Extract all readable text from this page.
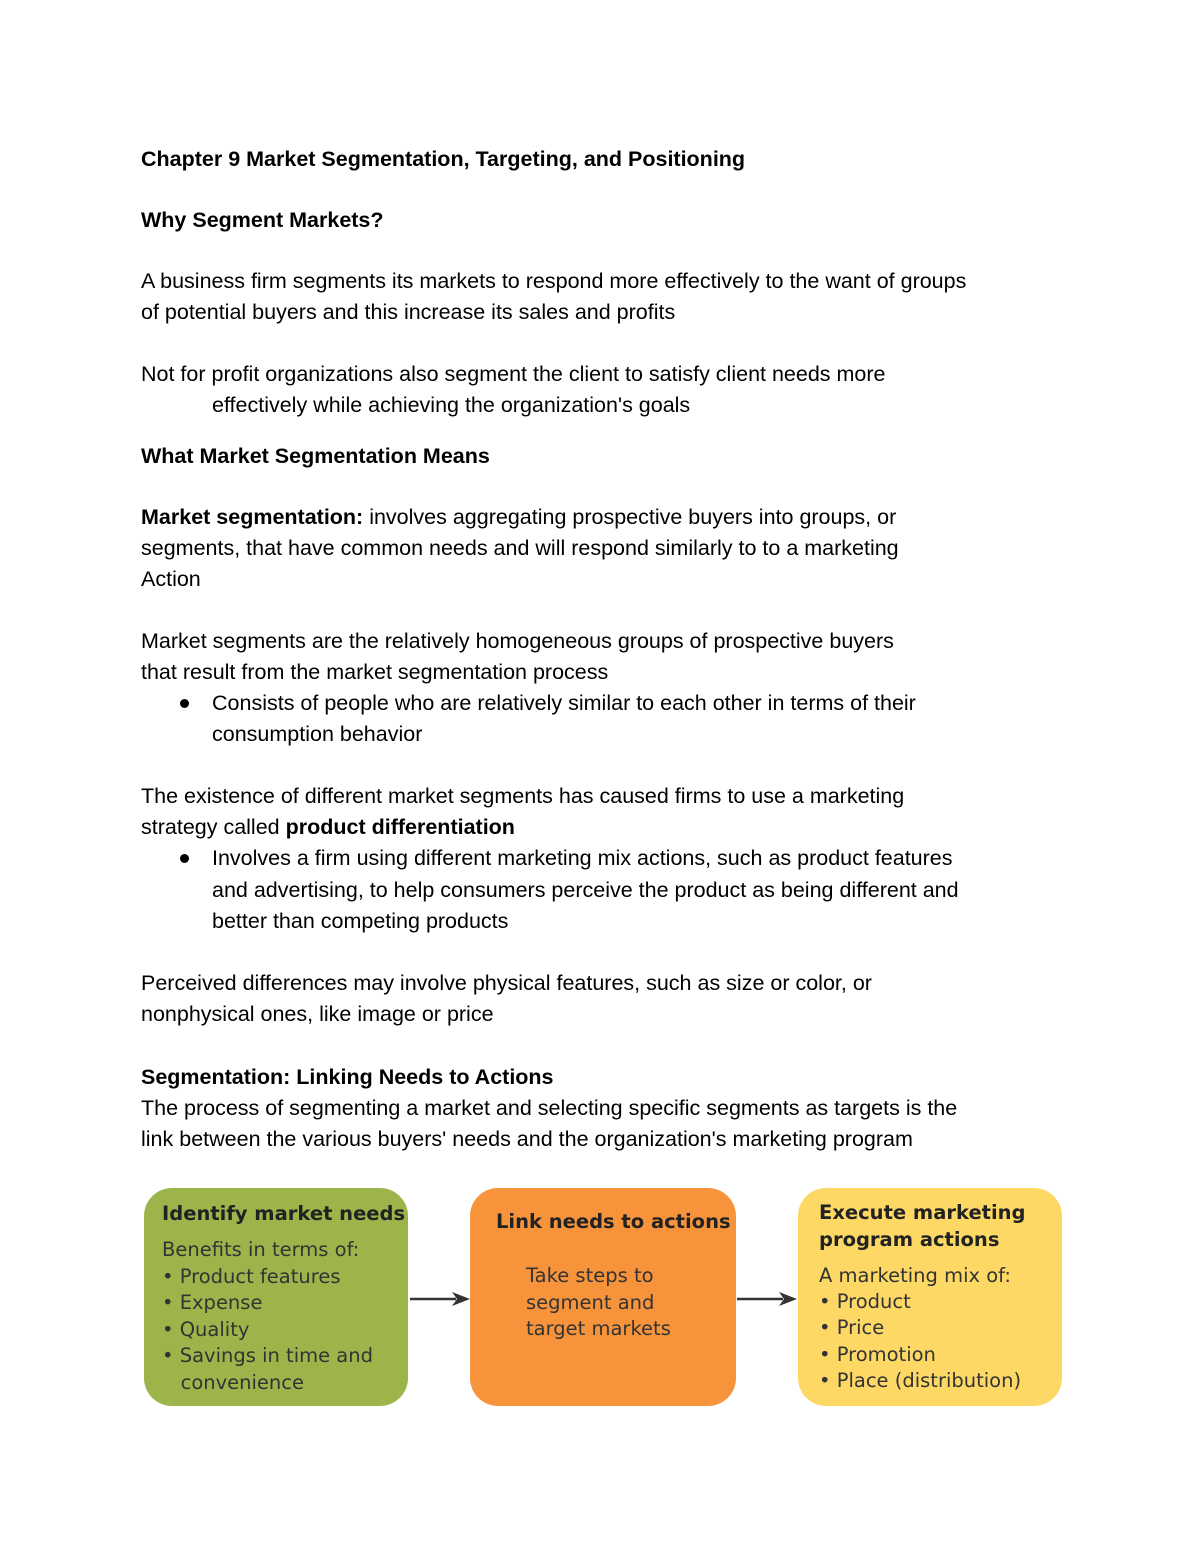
Chapter 9 Market Segmentation, Targeting, and Positioning

Why Segment Markets?

A business firm segments its markets to respond more effectively to the want of groups

of potential buyers and this increase its sales and profits

Not for profit organizations also segment the client to satisfy client needs more

effectively while achieving the organization's goals

What Market Segmentation Means

Market segmentation: involves aggregating prospective buyers into groups, or

segments, that have common needs and will respond similarly to to a marketing

Action

Market segments are the relatively homogeneous groups of prospective buyers

that result from the market segmentation process

Consists of people who are relatively similar to each other in terms of their

consumption behavior

The existence of different market segments has caused firms to use a marketing

strategy called product differentiation

Involves a firm using different marketing mix actions, such as product features

and advertising, to help consumers perceive the product as being different and

better than competing products

Perceived differences may involve physical features, such as size or color, or

nonphysical ones, like image or price

Segmentation: Linking Needs to Actions

The process of segmenting a market and selecting specific segments as targets is the

link between the various buyers' needs and the organization's marketing program

Identify market needs
Benefits in terms of:
• Product features
• Expense
• Quality
• Savings in time and
convenience
Link needs to actions
Take steps to
segment and
target markets
Execute marketing
program actions
A marketing mix of:
• Product
• Price
• Promotion
• Place (distribution)
